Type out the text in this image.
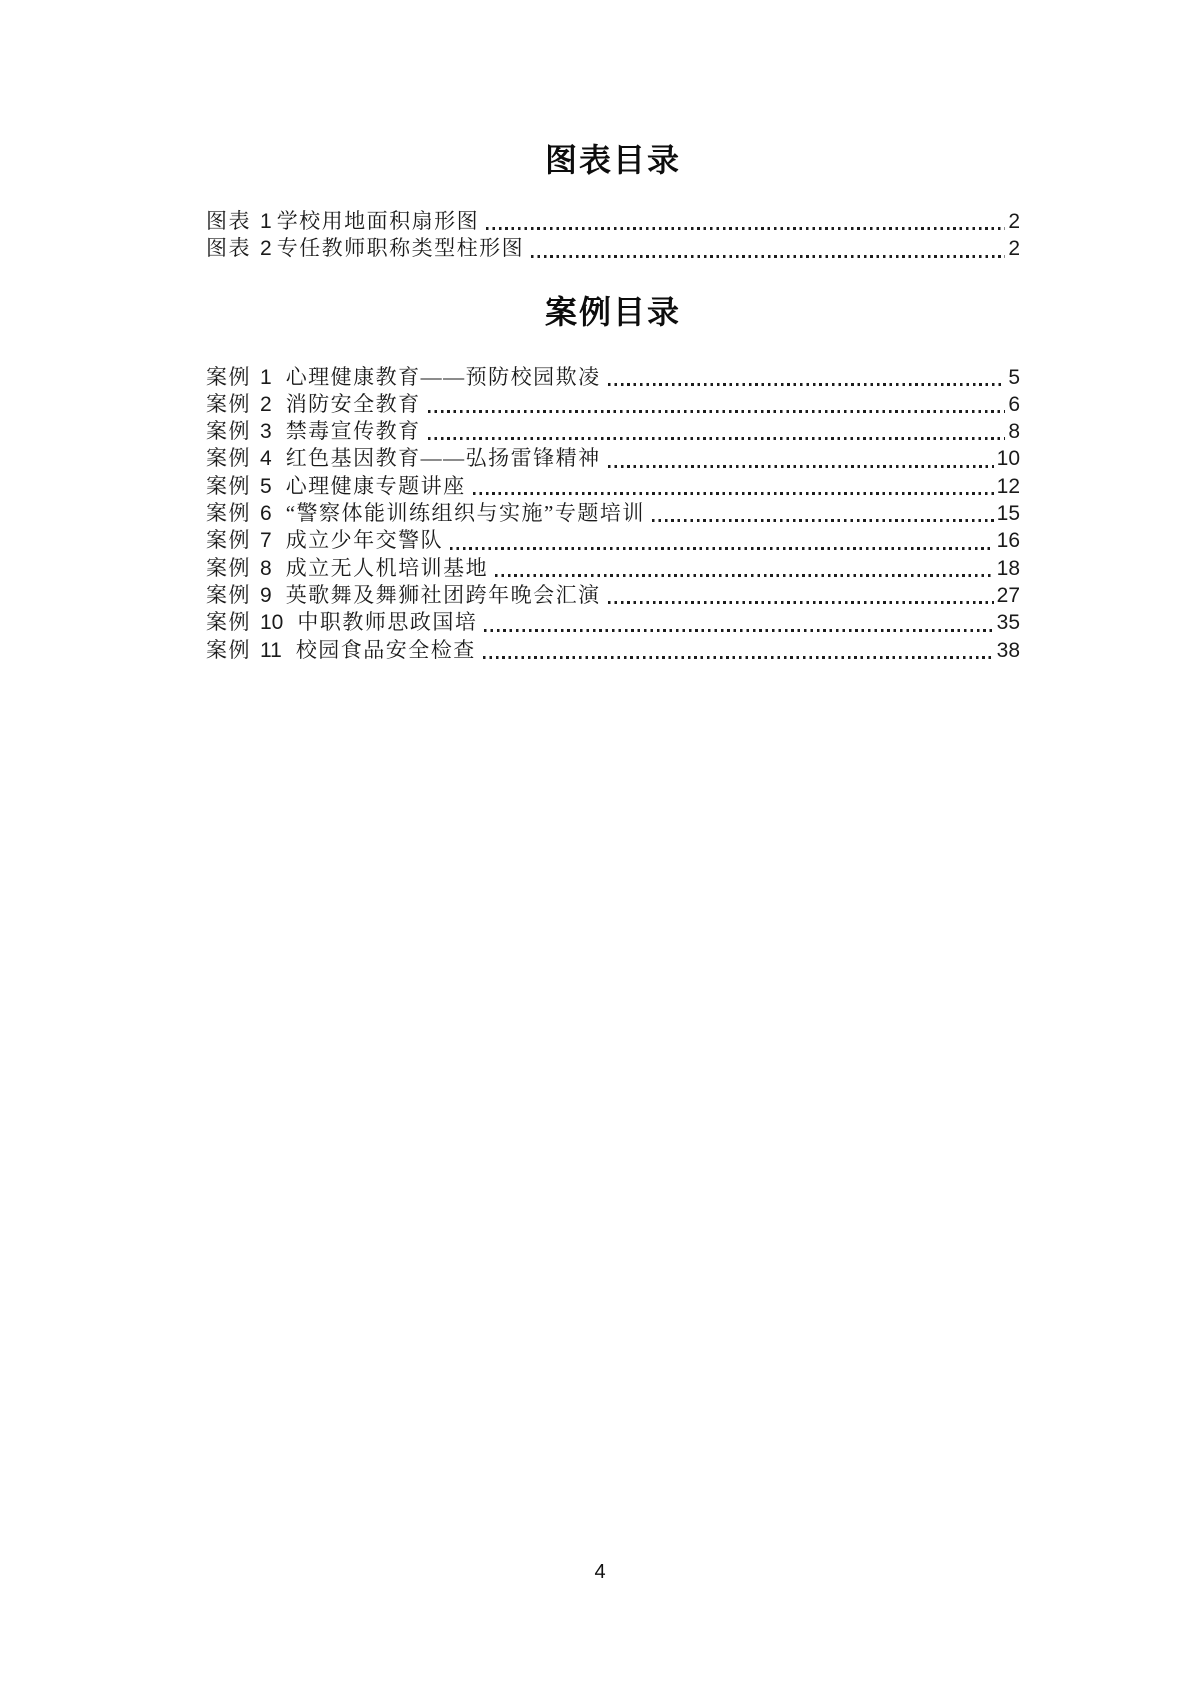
图表目录
图表 1 学校用地面积扇形图	2
图表 2 专任教师职称类型柱形图	2
案例目录
案例 1 心理健康教育——预防校园欺凌	5
案例 2 消防安全教育	6
案例 3 禁毒宣传教育	8
案例 4 红色基因教育——弘扬雷锋精神	10
案例 5 心理健康专题讲座	12
案例 6 “警察体能训练组织与实施”专题培训	15
案例 7 成立少年交警队	16
案例 8 成立无人机培训基地	18
案例 9 英歌舞及舞狮社团跨年晚会汇演	27
案例 10 中职教师思政国培	35
案例 11 校园食品安全检查	38
4
